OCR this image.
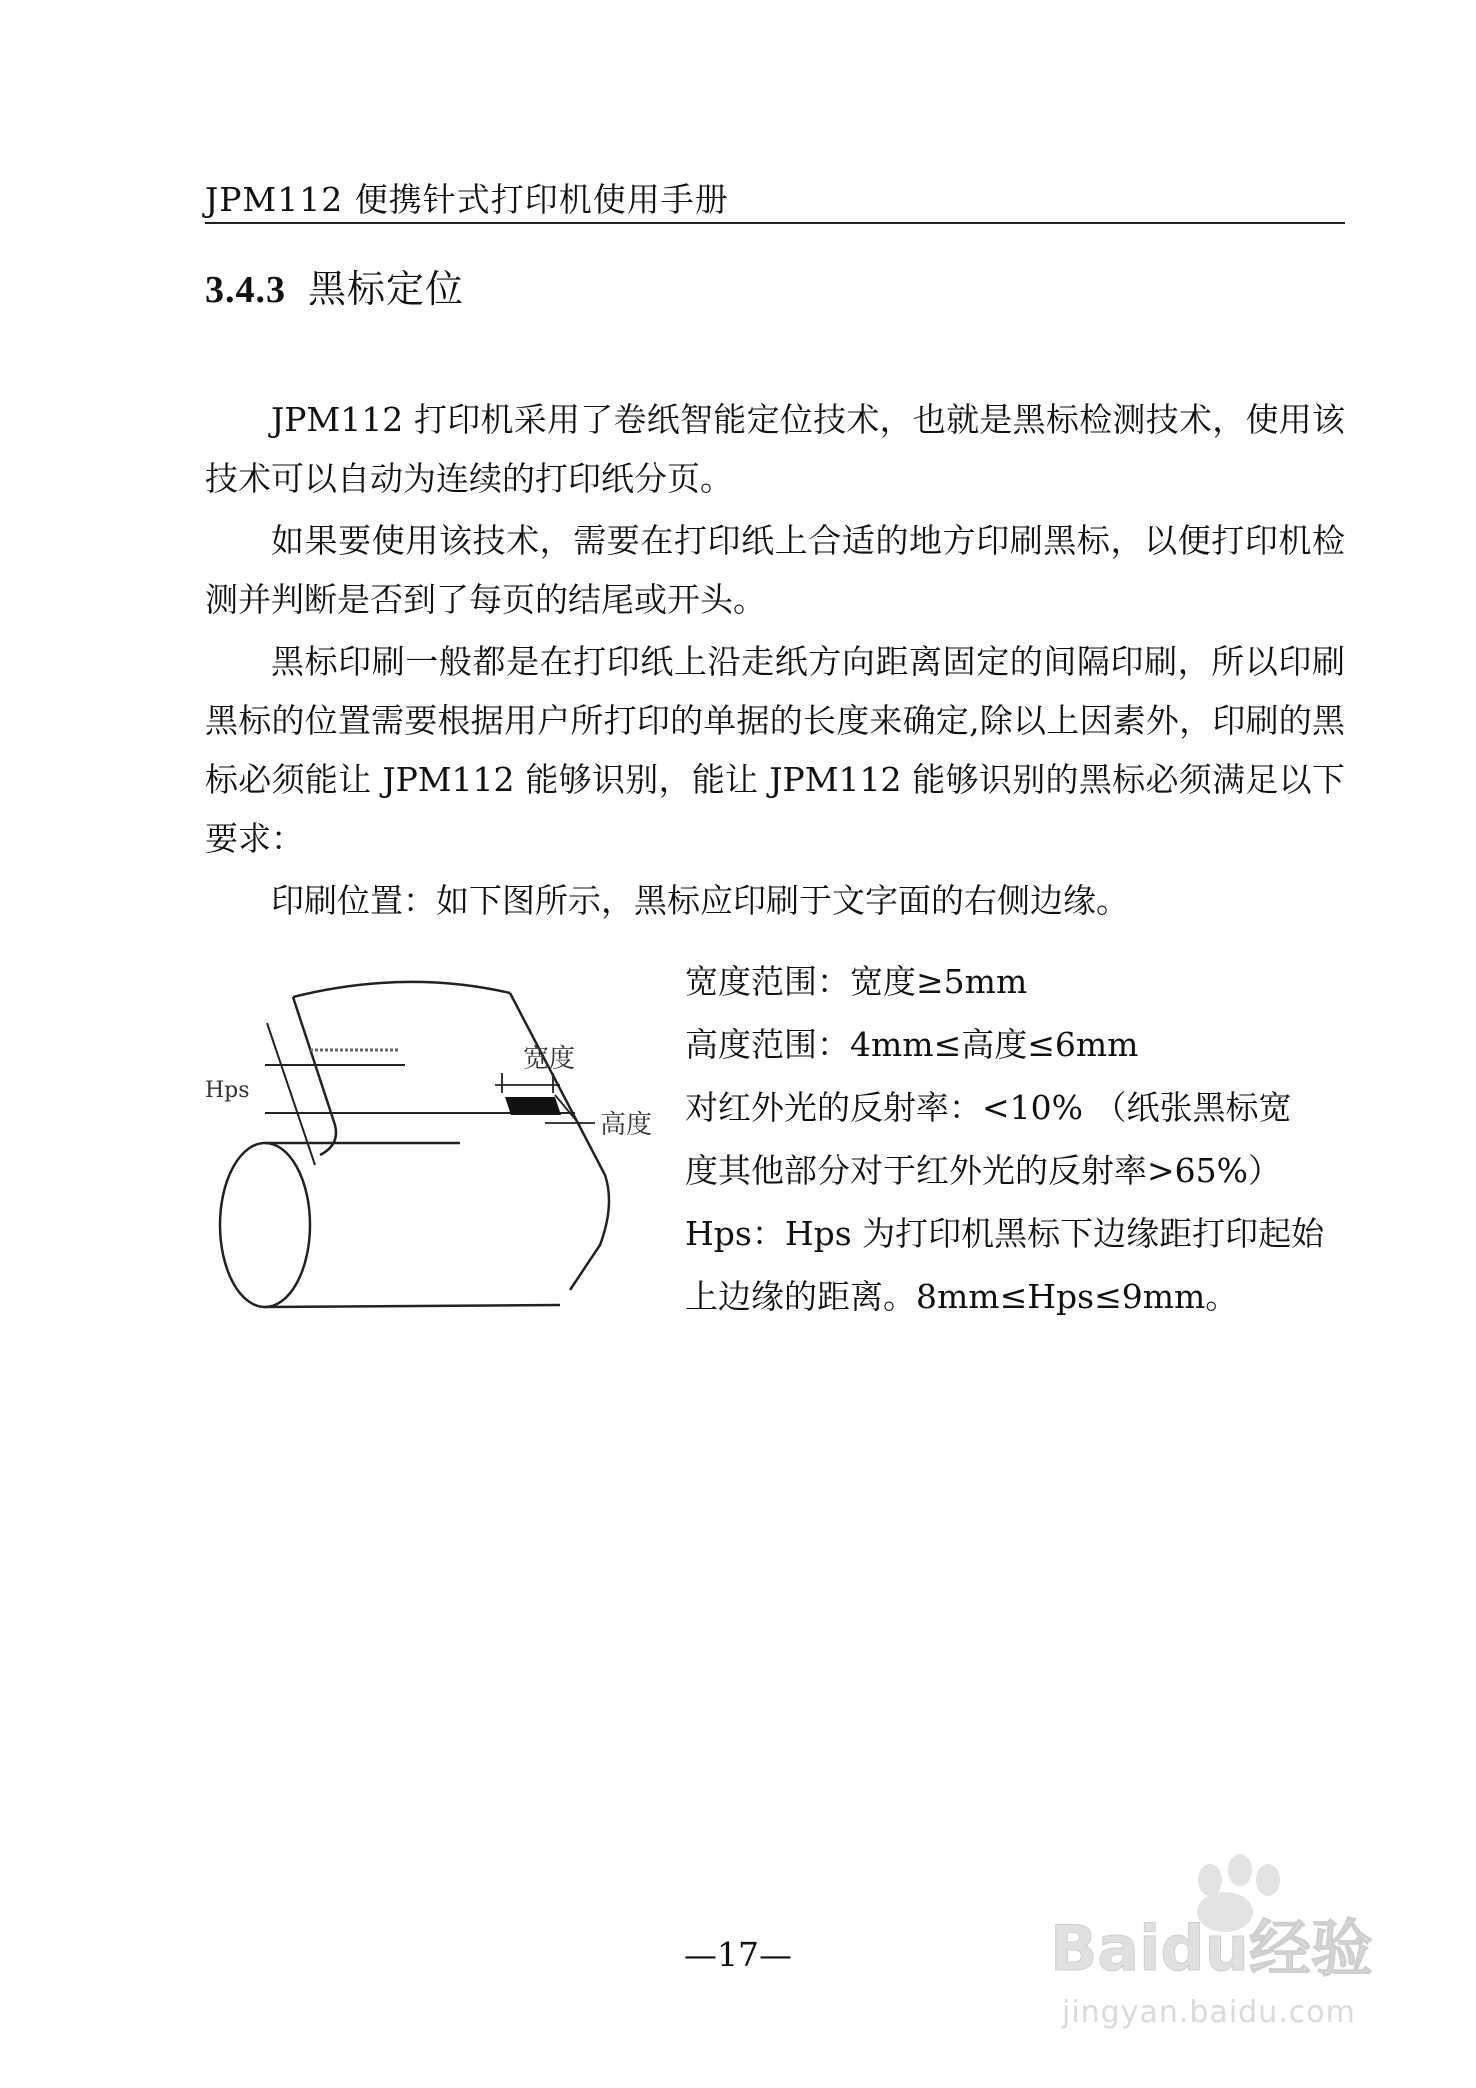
JPM112 便携针式打印机使用手册
3.4.3 黑标定位

JPM112 打印机采用了卷纸智能定位技术，也就是黑标检测技术，使用该技术可以自动为连续的打印纸分页。

如果要使用该技术，需要在打印纸上合适的地方印刷黑标，以便打印机检测并判断是否到了每页的结尾或开头。

黑标印刷一般都是在打印纸上沿走纸方向距离固定的间隔印刷，所以印刷黑标的位置需要根据用户所打印的单据的长度来确定,除以上因素外，印刷的黑标必须能让 JPM112 能够识别，能让 JPM112 能够识别的黑标必须满足以下要求：

印刷位置：如下图所示，黑标应印刷于文字面的右侧边缘。

宽度
高度
Hps
宽度范围：宽度≥5mm
高度范围：4mm≤高度≤6mm
对红外光的反射率：<10% （纸张黑标宽
度其他部分对于红外光的反射率>65%）
Hps：Hps 为打印机黑标下边缘距打印起始
上边缘的距离。8mm≤Hps≤9mm。
—17—	Baidu经验
jingyan.baidu.com
